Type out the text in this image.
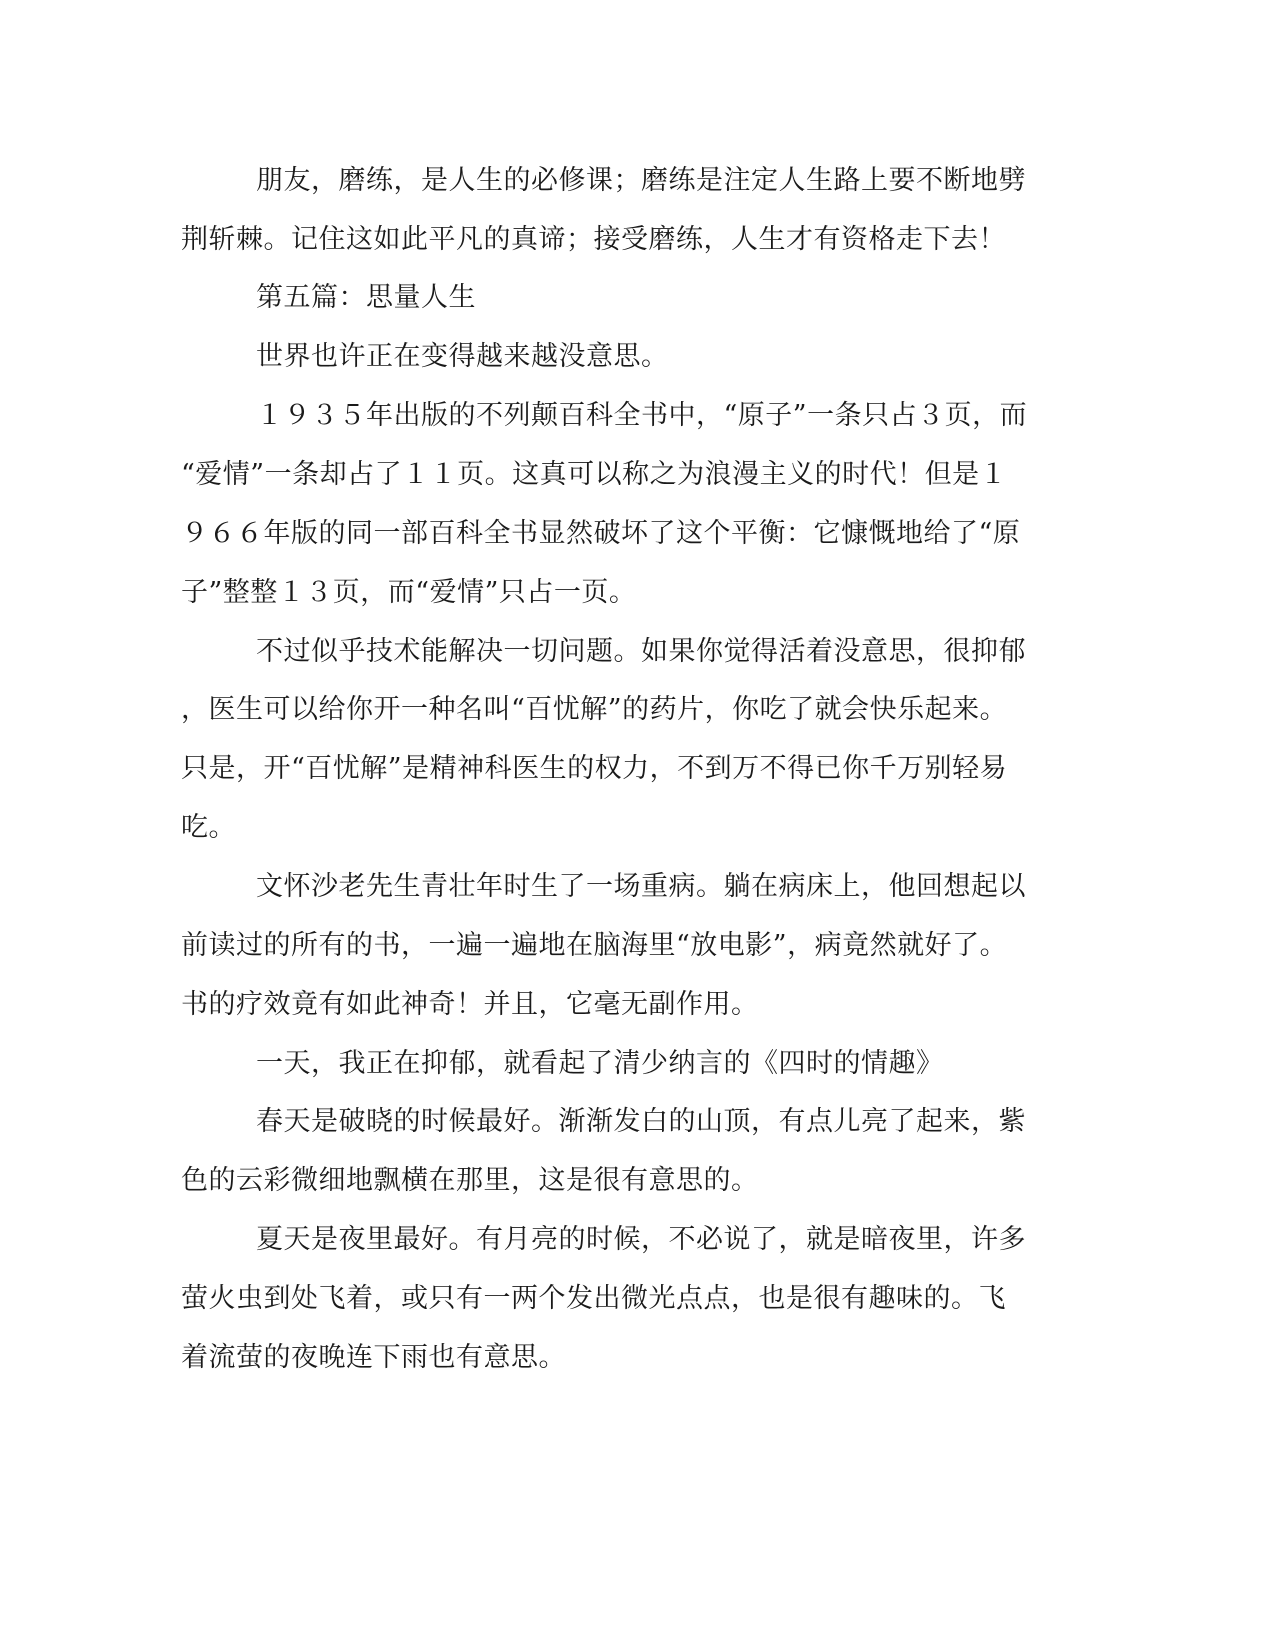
朋友，磨练，是人生的必修课；磨练是注定人生路上要不断地劈
荆斩棘。记住这如此平凡的真谛；接受磨练，人生才有资格走下去！
第五篇：思量人生
世界也许正在变得越来越没意思。
１９３５年出版的不列颠百科全书中，“原子”一条只占３页，而
“爱情”一条却占了１１页。这真可以称之为浪漫主义的时代！但是１
９６６年版的同一部百科全书显然破坏了这个平衡：它慷慨地给了“原
子”整整１３页，而“爱情”只占一页。
不过似乎技术能解决一切问题。如果你觉得活着没意思，很抑郁
，医生可以给你开一种名叫“百忧解”的药片，你吃了就会快乐起来。
只是，开“百忧解”是精神科医生的权力，不到万不得已你千万别轻易
吃。
文怀沙老先生青壮年时生了一场重病。躺在病床上，他回想起以
前读过的所有的书，一遍一遍地在脑海里“放电影”，病竟然就好了。
书的疗效竟有如此神奇！并且，它毫无副作用。
一天，我正在抑郁，就看起了清少纳言的《四时的情趣》
春天是破晓的时候最好。渐渐发白的山顶，有点儿亮了起来，紫
色的云彩微细地飘横在那里，这是很有意思的。
夏天是夜里最好。有月亮的时候，不必说了，就是暗夜里，许多
萤火虫到处飞着，或只有一两个发出微光点点，也是很有趣味的。飞
着流萤的夜晚连下雨也有意思。
